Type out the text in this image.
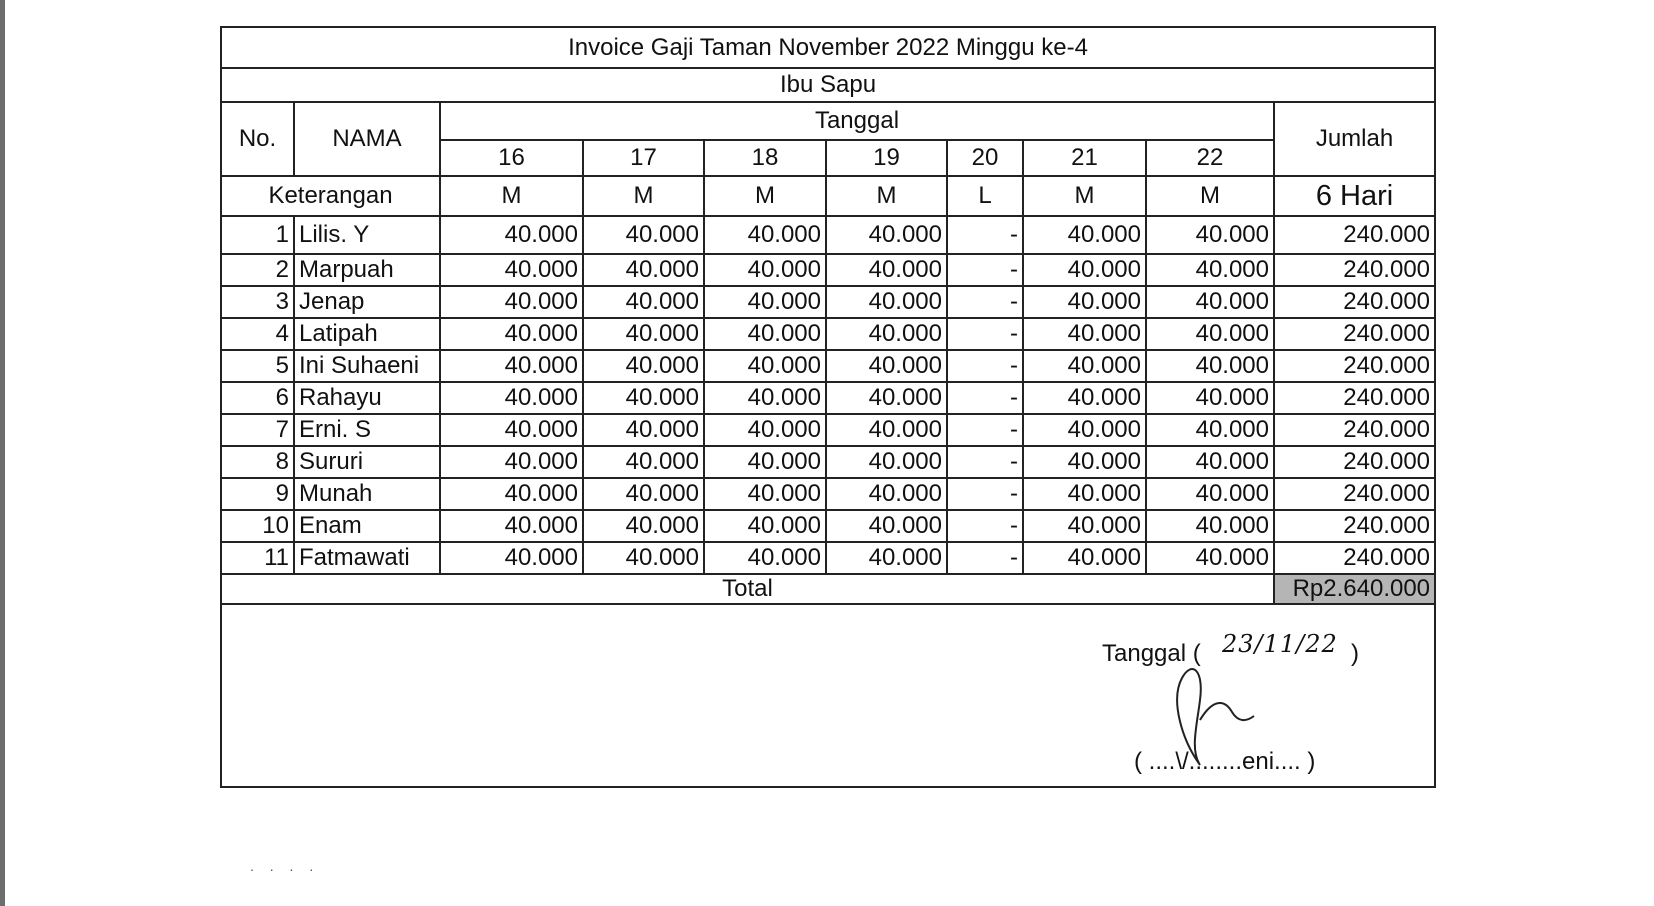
Invoice Gaji Taman November 2022 Minggu ke-4									
Ibu Sapu									
No.	NAMA	Tanggal							Jumlah
		16	17	18	19	20	21	22	
Keterangan		M	M	M	M	L	M	M	6 Hari
1	Lilis. Y	40.000	40.000	40.000	40.000	-	40.000	40.000	240.000
2	Marpuah	40.000	40.000	40.000	40.000	-	40.000	40.000	240.000
3	Jenap	40.000	40.000	40.000	40.000	-	40.000	40.000	240.000
4	Latipah	40.000	40.000	40.000	40.000	-	40.000	40.000	240.000
5	Ini Suhaeni	40.000	40.000	40.000	40.000	-	40.000	40.000	240.000
6	Rahayu	40.000	40.000	40.000	40.000	-	40.000	40.000	240.000
7	Erni. S	40.000	40.000	40.000	40.000	-	40.000	40.000	240.000
8	Sururi	40.000	40.000	40.000	40.000	-	40.000	40.000	240.000
9	Munah	40.000	40.000	40.000	40.000	-	40.000	40.000	240.000
10	Enam	40.000	40.000	40.000	40.000	-	40.000	40.000	240.000
11	Fatmawati	40.000	40.000	40.000	40.000	-	40.000	40.000	240.000
Total									Rp2.640.000
Tanggal ( 23/11/22 )
( ....\/........eni.... )
. . . .
